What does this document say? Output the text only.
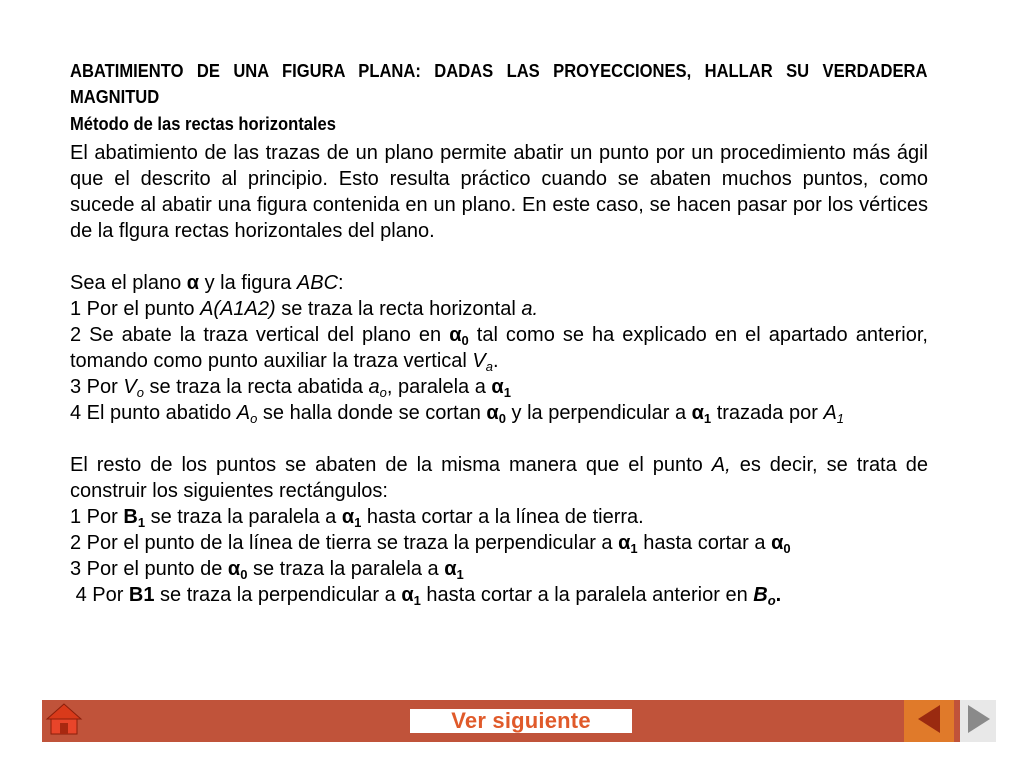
ABATIMIENTO DE UNA FIGURA PLANA: DADAS LAS PROYECCIONES, HALLAR SU VERDADERA MAGNITUD
Método de las rectas horizontales

El abatimiento de las trazas de un plano permite abatir un punto por un procedimiento más ágil que el descrito al principio. Esto resulta práctico cuando se abaten muchos puntos, como sucede al abatir una figura contenida en un plano. En este caso, se hacen pasar por los vértices de la flgura rectas horizontales del plano.

Sea el plano α y la figura ABC:

1 Por el punto A(A1A2) se traza la recta horizontal a.

2 Se abate la traza vertical del plano en $\alpha_0$ tal como se ha explicado en el apartado anterior, tomando como punto auxiliar la traza vertical $V_a$.

3 Por $V_o$ se traza la recta abatida $a_o$, paralela a $\alpha_1$

4 El punto abatido $A_o$ se halla donde se cortan $\alpha_0$ y la perpendicular a $\alpha_1$ trazada por $A_1$

El resto de los puntos se abaten de la misma manera que el punto A, es decir, se trata de construir los siguientes rectángulos:

1 Por $B_1$ se traza la paralela a $\alpha_1$ hasta cortar a la línea de tierra.

2 Por el punto de la línea de tierra se traza la perpendicular a $\alpha_1$ hasta cortar a $\alpha_0$

3 Por el punto de $\alpha_0$ se traza la paralela a $\alpha_1$

4 Por B1 se traza la perpendicular a $\alpha_1$ hasta cortar a la paralela anterior en $B_o$.

Ver siguiente
